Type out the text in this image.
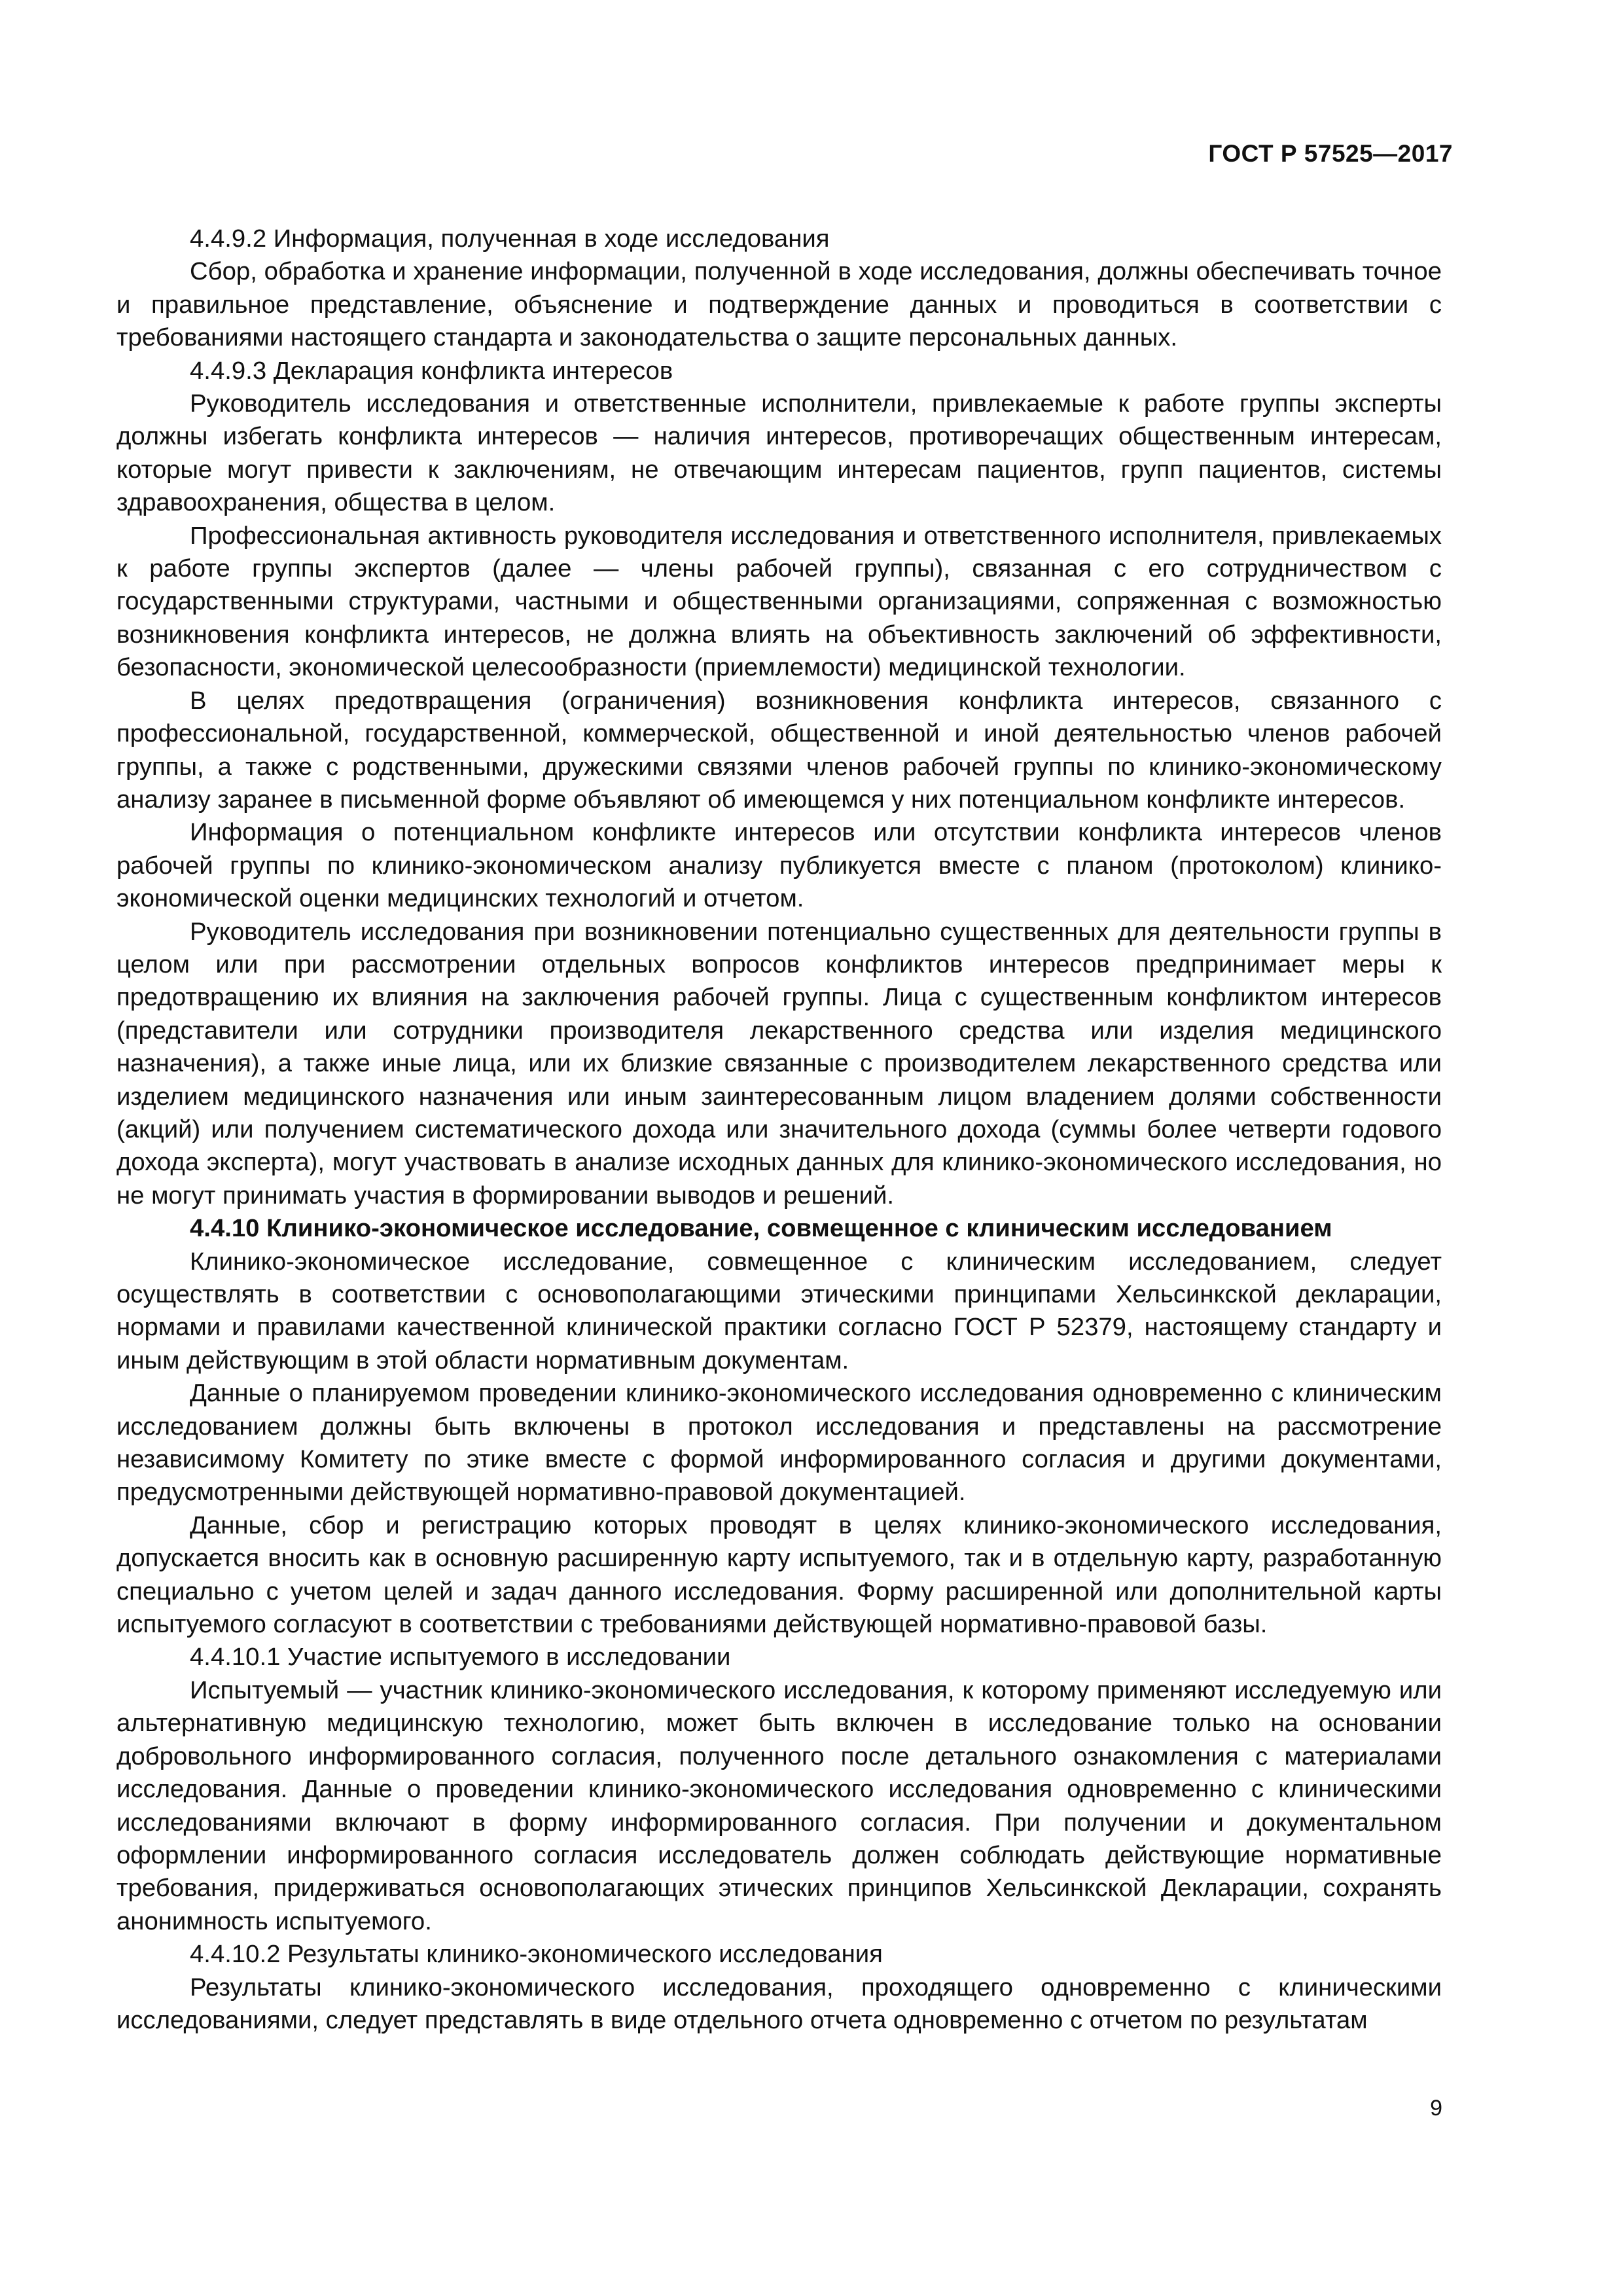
ГОСТ Р 57525—2017

4.4.9.2 Информация, полученная в ходе исследования

Сбор, обработка и хранение информации, полученной в ходе исследования, должны обеспечивать точное и правильное представление, объяснение и подтверждение данных и проводиться в соответствии с требованиями настоящего стандарта и законодательства о защите персональных данных.

4.4.9.3 Декларация конфликта интересов

Руководитель исследования и ответственные исполнители, привлекаемые к работе группы эксперты должны избегать конфликта интересов — наличия интересов, противоречащих общественным интересам, которые могут привести к заключениям, не отвечающим интересам пациентов, групп пациентов, системы здравоохранения, общества в целом.

Профессиональная активность руководителя исследования и ответственного исполнителя, привлекаемых к работе группы экспертов (далее — члены рабочей группы), связанная с его сотрудничеством с государственными структурами, частными и общественными организациями, сопряженная с возможностью возникновения конфликта интересов, не должна влиять на объективность заключений об эффективности, безопасности, экономической целесообразности (приемлемости) медицинской технологии.

В целях предотвращения (ограничения) возникновения конфликта интересов, связанного с профессиональной, государственной, коммерческой, общественной и иной деятельностью членов рабочей группы, а также с родственными, дружескими связями членов рабочей группы по клинико-экономическому анализу заранее в письменной форме объявляют об имеющемся у них потенциальном конфликте интересов.

Информация о потенциальном конфликте интересов или отсутствии конфликта интересов членов рабочей группы по клинико-экономическом анализу публикуется вместе с планом (протоколом) клинико-экономической оценки медицинских технологий и отчетом.

Руководитель исследования при возникновении потенциально существенных для деятельности группы в целом или при рассмотрении отдельных вопросов конфликтов интересов предпринимает меры к предотвращению их влияния на заключения рабочей группы. Лица с существенным конфликтом интересов (представители или сотрудники производителя лекарственного средства или изделия медицинского назначения), а также иные лица, или их близкие связанные с производителем лекарственного средства или изделием медицинского назначения или иным заинтересованным лицом владением долями собственности (акций) или получением систематического дохода или значительного дохода (суммы более четверти годового дохода эксперта), могут участвовать в анализе исходных данных для клинико-экономического исследования, но не могут принимать участия в формировании выводов и решений.

4.4.10 Клинико-экономическое исследование, совмещенное с клиническим исследованием

Клинико-экономическое исследование, совмещенное с клиническим исследованием, следует осуществлять в соответствии с основополагающими этическими принципами Хельсинкской декларации, нормами и правилами качественной клинической практики согласно ГОСТ Р 52379, настоящему стандарту и иным действующим в этой области нормативным документам.

Данные о планируемом проведении клинико-экономического исследования одновременно с клиническим исследованием должны быть включены в протокол исследования и представлены на рассмотрение независимому Комитету по этике вместе с формой информированного согласия и другими документами, предусмотренными действующей нормативно-правовой документацией.

Данные, сбор и регистрацию которых проводят в целях клинико-экономического исследования, допускается вносить как в основную расширенную карту испытуемого, так и в отдельную карту, разработанную специально с учетом целей и задач данного исследования. Форму расширенной или дополнительной карты испытуемого согласуют в соответствии с требованиями действующей нормативно-правовой базы.

4.4.10.1 Участие испытуемого в исследовании

Испытуемый — участник клинико-экономического исследования, к которому применяют исследуемую или альтернативную медицинскую технологию, может быть включен в исследование только на основании добровольного информированного согласия, полученного после детального ознакомления с материалами исследования. Данные о проведении клинико-экономического исследования одновременно с клиническими исследованиями включают в форму информированного согласия. При получении и документальном оформлении информированного согласия исследователь должен соблюдать действующие нормативные требования, придерживаться основополагающих этических принципов Хельсинкской Декларации, сохранять анонимность испытуемого.

4.4.10.2 Результаты клинико-экономического исследования

Результаты клинико-экономического исследования, проходящего одновременно с клиническими исследованиями, следует представлять в виде отдельного отчета одновременно с отчетом по результатам

9
